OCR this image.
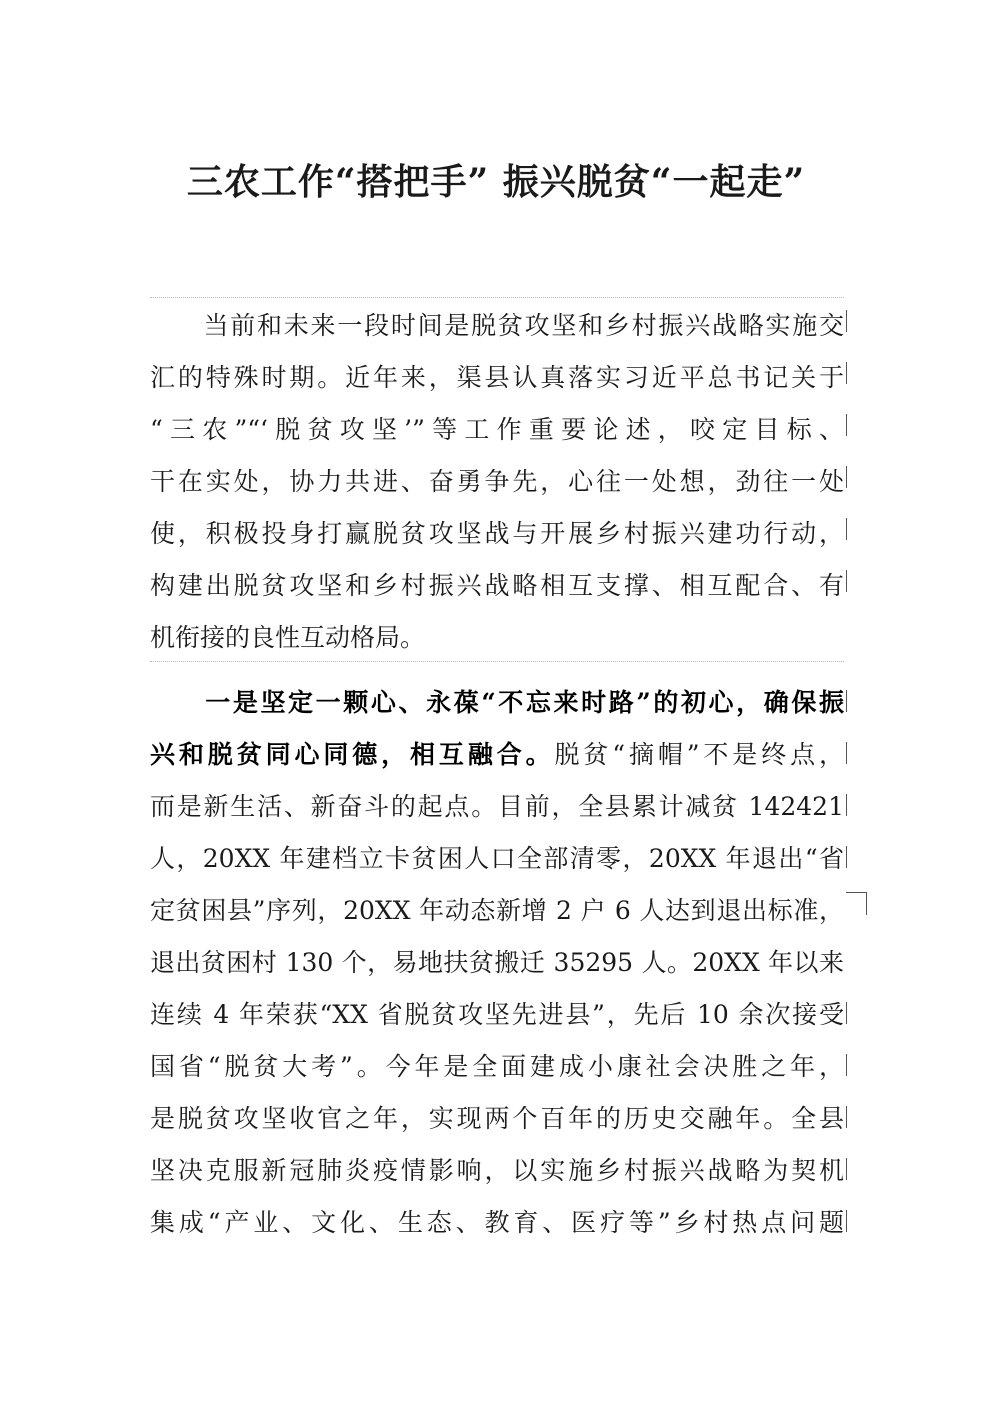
三农工作“搭把手” 振兴脱贫“一起走”
　　当前和未来一段时间是脱贫攻坚和乡村振兴战略实施交
汇的特殊时期。近年来，渠县认真落实习近平总书记关于
“三农”“‘脱贫攻坚’”等工作重要论述，咬定目标、
干在实处，协力共进、奋勇争先，心往一处想，劲往一处
使，积极投身打赢脱贫攻坚战与开展乡村振兴建功行动，
构建出脱贫攻坚和乡村振兴战略相互支撑、相互配合、有
机衔接的良性互动格局。
　　一是坚定一颗心、永葆“不忘来时路”的初心，确保振
兴和脱贫同心同德，相互融合。脱贫“摘帽”不是终点，
而是新生活、新奋斗的起点。目前，全县累计减贫 142421
人，20XX 年建档立卡贫困人口全部清零，20XX 年退出“省
定贫困县”序列，20XX 年动态新增 2 户 6 人达到退出标准，
退出贫困村 130 个，易地扶贫搬迁 35295 人。20XX 年以来
连续 4 年荣获“XX 省脱贫攻坚先进县”，先后 10 余次接受
国省“脱贫大考”。今年是全面建成小康社会决胜之年，
是脱贫攻坚收官之年，实现两个百年的历史交融年。全县
坚决克服新冠肺炎疫情影响，以实施乡村振兴战略为契机
集成“产业、文化、生态、教育、医疗等”乡村热点问题
